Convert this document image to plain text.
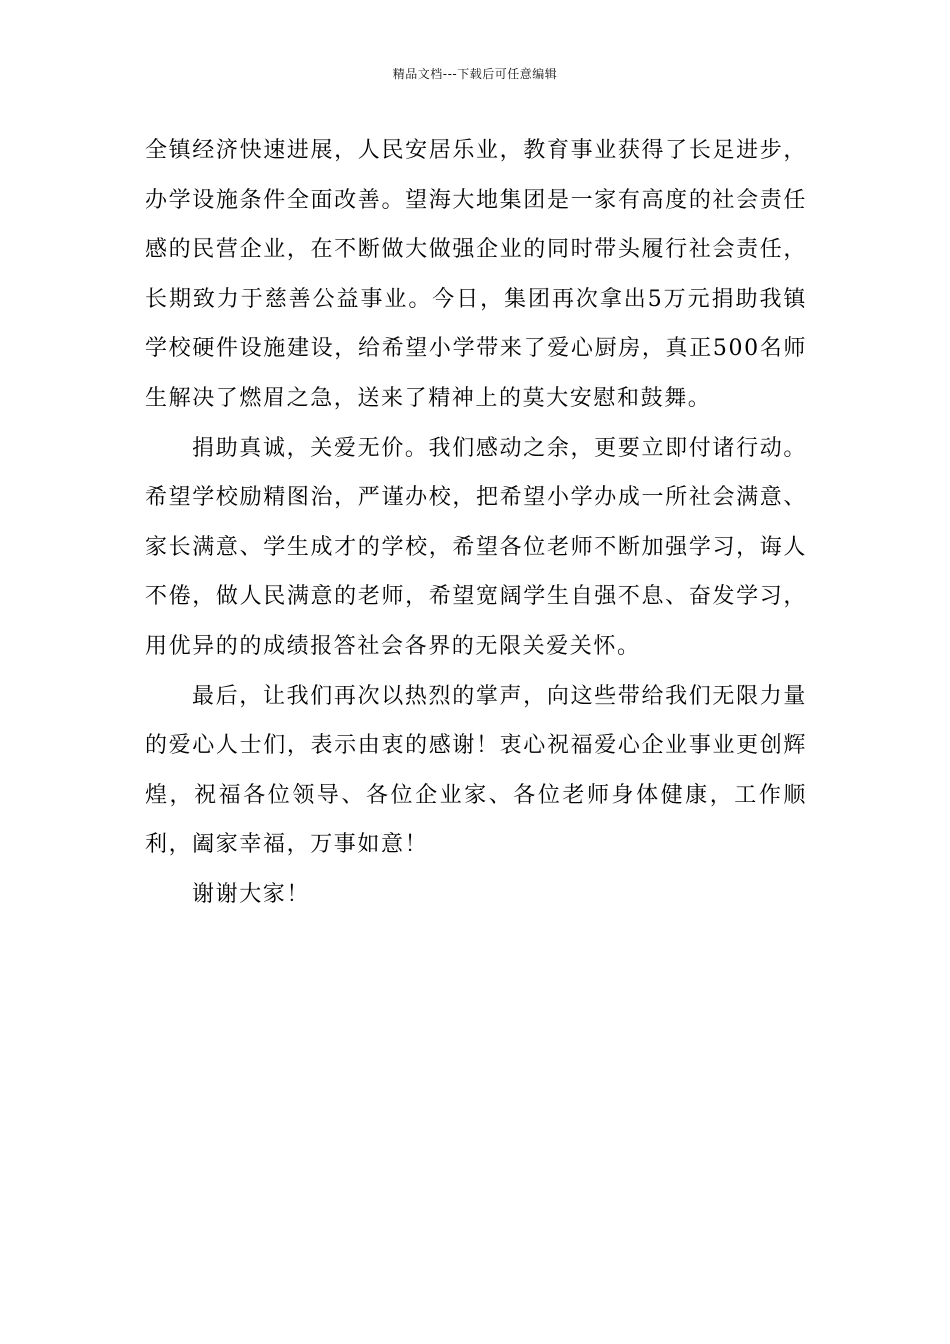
精品文档---下载后可任意编辑

全镇经济快速进展，人民安居乐业，教育事业获得了长足进步，办学设施条件全面改善。望海大地集团是一家有高度的社会责任感的民营企业，在不断做大做强企业的同时带头履行社会责任，长期致力于慈善公益事业。今日，集团再次拿出5万元捐助我镇学校硬件设施建设，给希望小学带来了爱心厨房，真正500名师生解决了燃眉之急，送来了精神上的莫大安慰和鼓舞。

捐助真诚，关爱无价。我们感动之余，更要立即付诸行动。希望学校励精图治，严谨办校，把希望小学办成一所社会满意、家长满意、学生成才的学校，希望各位老师不断加强学习，诲人不倦，做人民满意的老师，希望宽阔学生自强不息、奋发学习，用优异的的成绩报答社会各界的无限关爱关怀。

最后，让我们再次以热烈的掌声，向这些带给我们无限力量的爱心人士们，表示由衷的感谢！衷心祝福爱心企业事业更创辉煌，祝福各位领导、各位企业家、各位老师身体健康，工作顺利，阖家幸福，万事如意！

谢谢大家！
